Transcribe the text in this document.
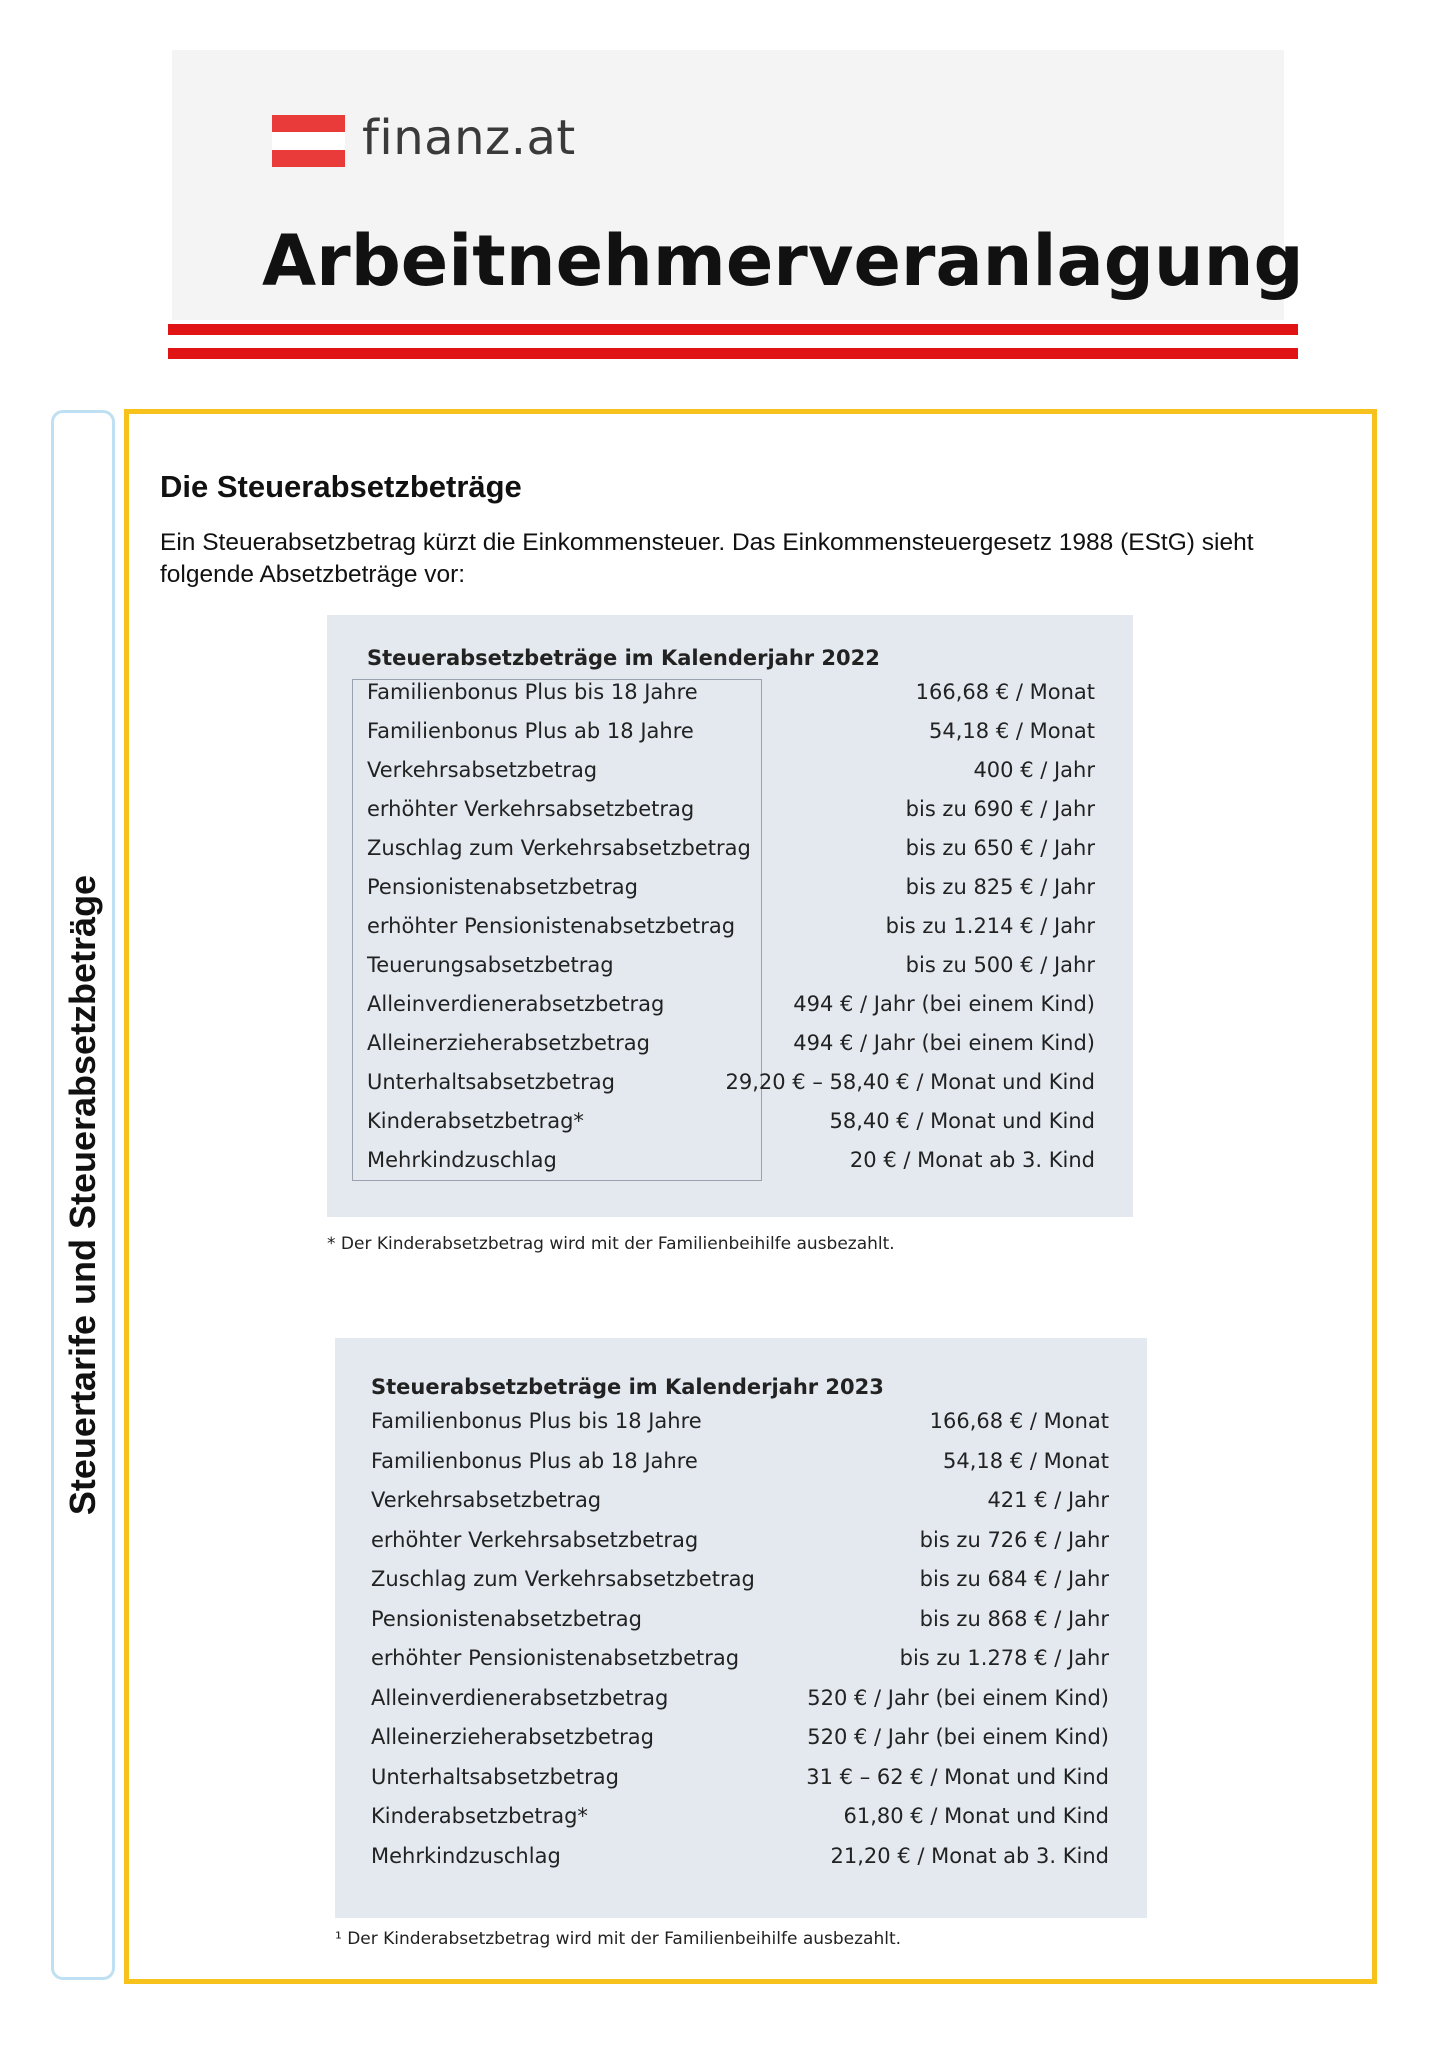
finanz.at
Arbeitnehmerveranlagung
Steuertarife und Steuerabsetzbeträge
Die Steuerabsetzbeträge
Ein Steuerabsetzbetrag kürzt die Einkommensteuer. Das Einkommensteuergesetz 1988 (EStG) sieht folgende Absetzbeträge vor:
Steuerabsetzbeträge im Kalenderjahr 2022
Familienbonus Plus bis 18 Jahre	166,68 € / Monat
Familienbonus Plus ab 18 Jahre	54,18 € / Monat
Verkehrsabsetzbetrag	400 € / Jahr
erhöhter Verkehrsabsetzbetrag	bis zu 690 € / Jahr
Zuschlag zum Verkehrsabsetzbetrag	bis zu 650 € / Jahr
Pensionistenabsetzbetrag	bis zu 825 € / Jahr
erhöhter Pensionistenabsetzbetrag	bis zu 1.214 € / Jahr
Teuerungsabsetzbetrag	bis zu 500 € / Jahr
Alleinverdienerabsetzbetrag	494 € / Jahr (bei einem Kind)
Alleinerzieherabsetzbetrag	494 € / Jahr (bei einem Kind)
Unterhaltsabsetzbetrag	29,20 € – 58,40 € / Monat und Kind
Kinderabsetzbetrag*	58,40 € / Monat und Kind
Mehrkindzuschlag	20 € / Monat ab 3. Kind
* Der Kinderabsetzbetrag wird mit der Familienbeihilfe ausbezahlt.
Steuerabsetzbeträge im Kalenderjahr 2023
Familienbonus Plus bis 18 Jahre	166,68 € / Monat
Familienbonus Plus ab 18 Jahre	54,18 € / Monat
Verkehrsabsetzbetrag	421 € / Jahr
erhöhter Verkehrsabsetzbetrag	bis zu 726 € / Jahr
Zuschlag zum Verkehrsabsetzbetrag	bis zu 684 € / Jahr
Pensionistenabsetzbetrag	bis zu 868 € / Jahr
erhöhter Pensionistenabsetzbetrag	bis zu 1.278 € / Jahr
Alleinverdienerabsetzbetrag	520 € / Jahr (bei einem Kind)
Alleinerzieherabsetzbetrag	520 € / Jahr (bei einem Kind)
Unterhaltsabsetzbetrag	31 € – 62 € / Monat und Kind
Kinderabsetzbetrag*	61,80 € / Monat und Kind
Mehrkindzuschlag	21,20 € / Monat ab 3. Kind
¹ Der Kinderabsetzbetrag wird mit der Familienbeihilfe ausbezahlt.
